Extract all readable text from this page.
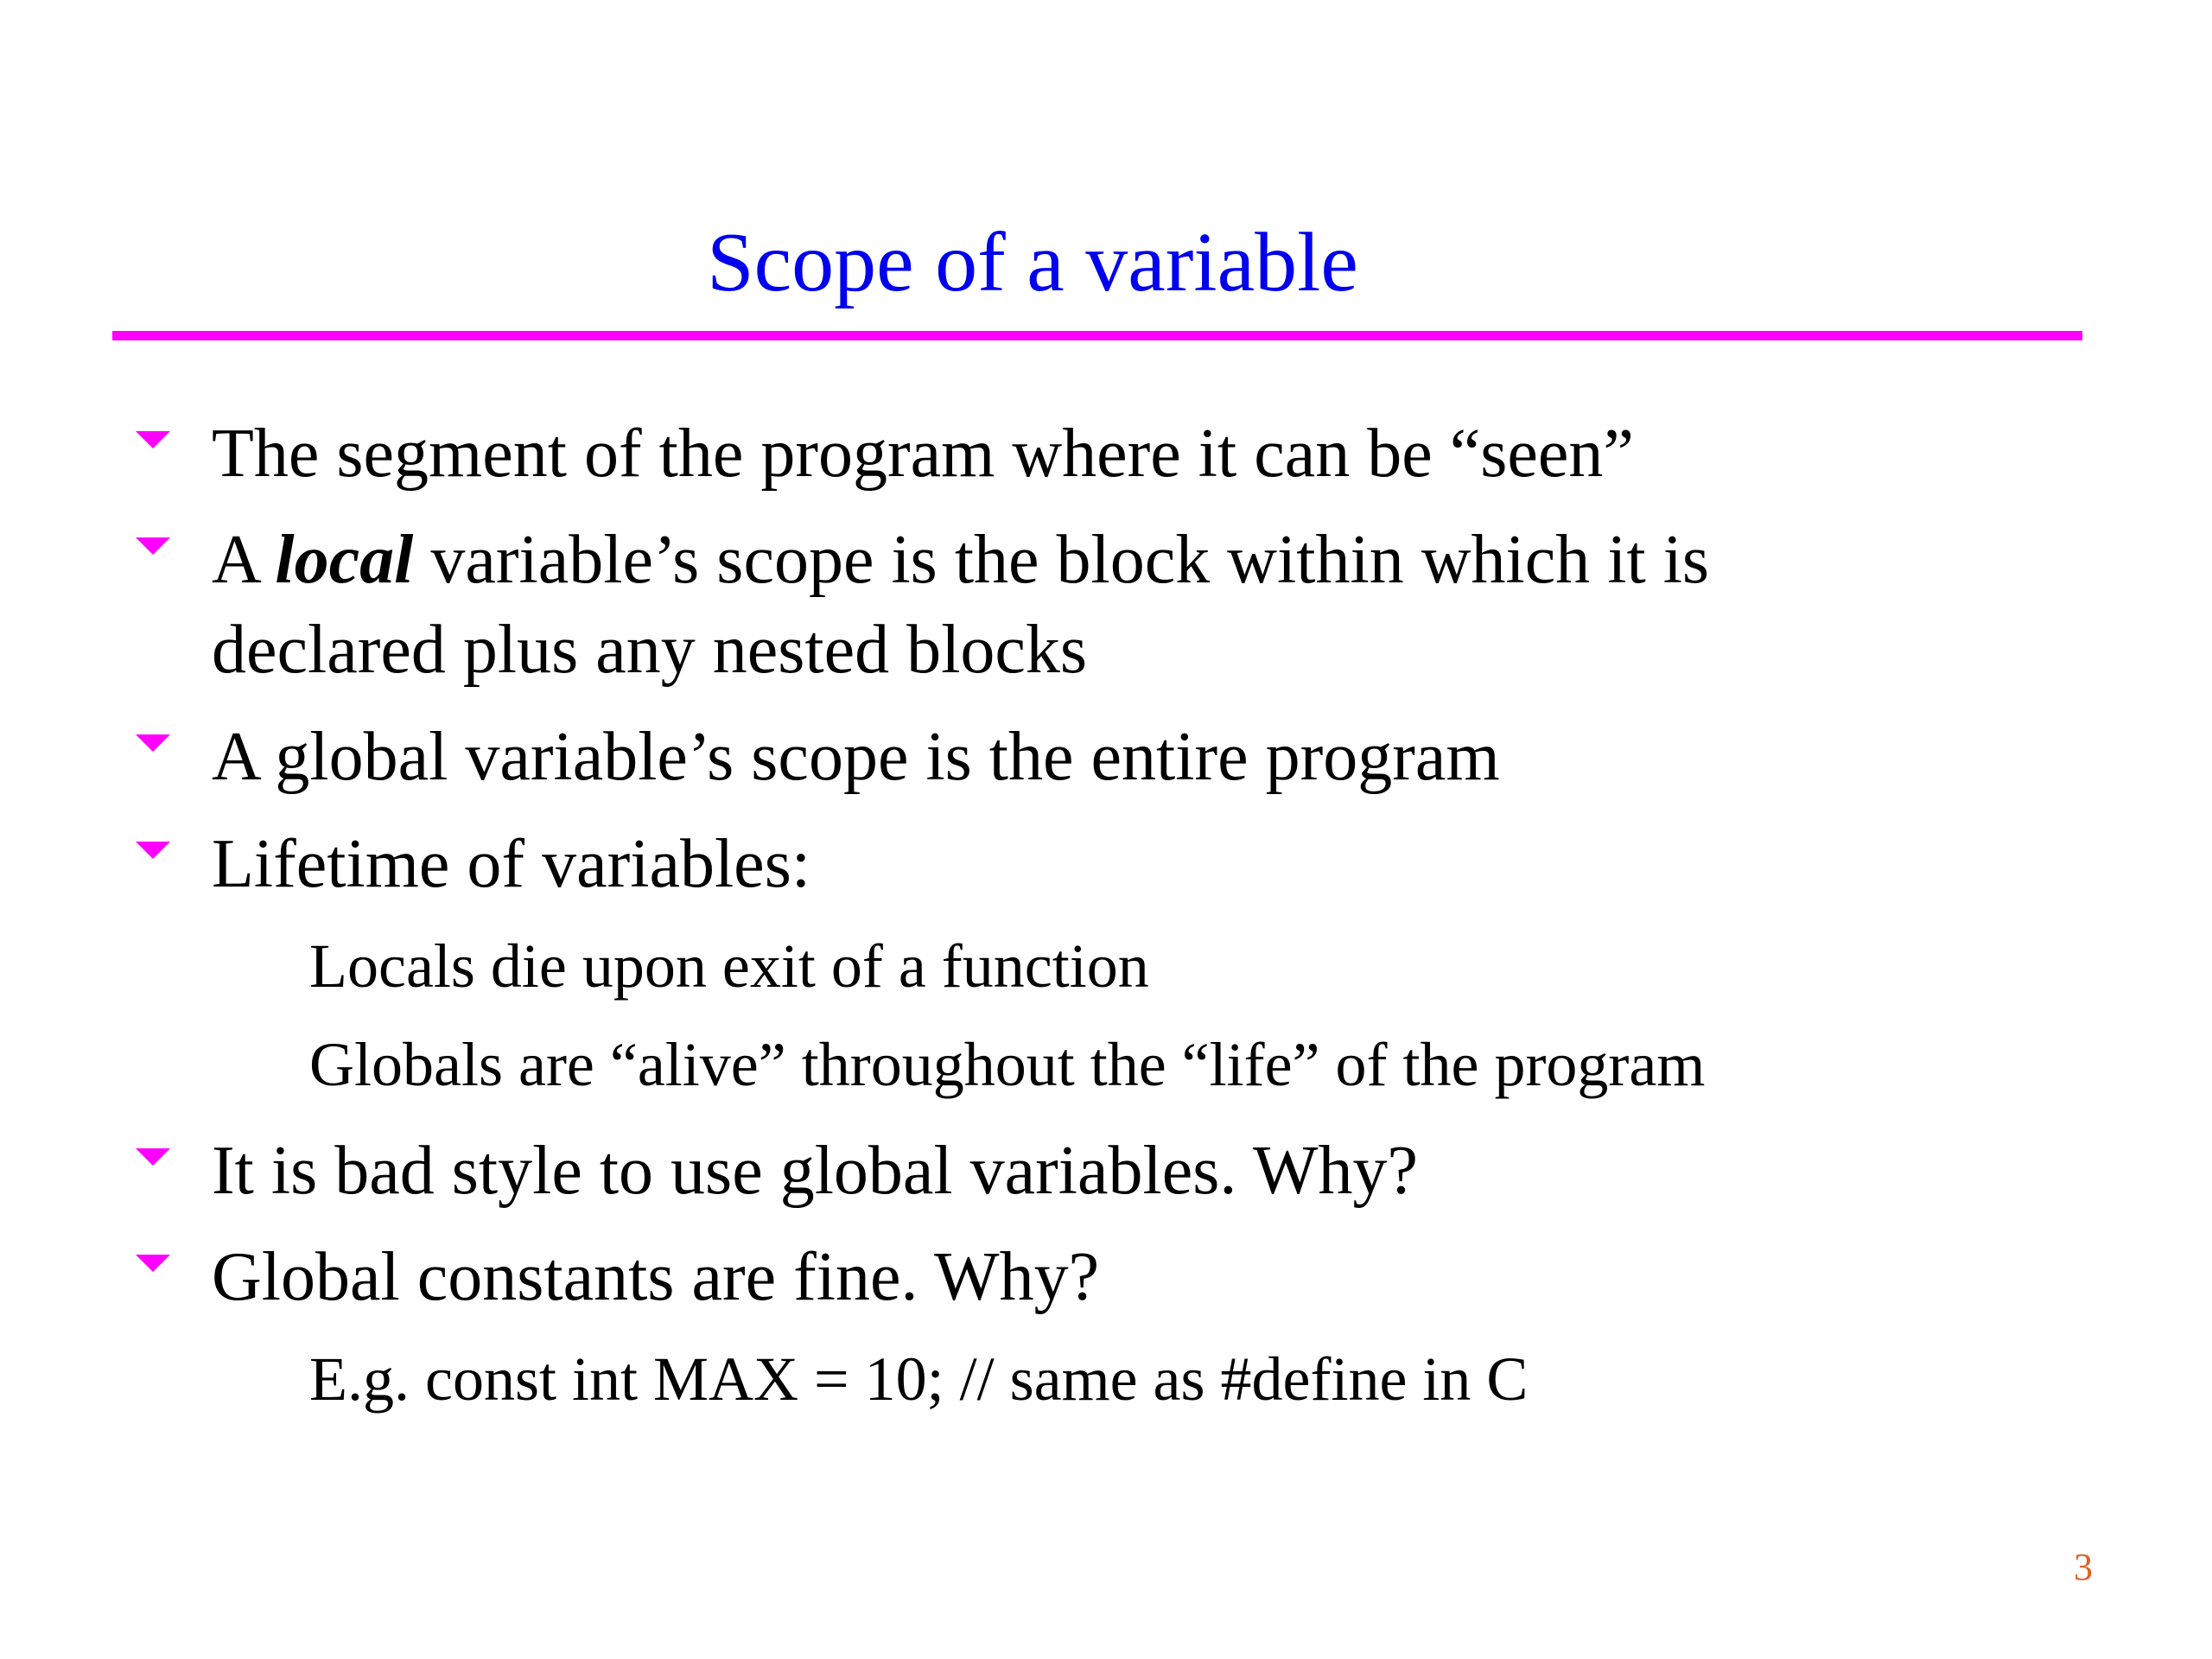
Scope of a variable
The segment of the program where it can be “seen”
A local variable’s scope is the block within which it is
declared plus any nested blocks
A global variable’s scope is the entire program
Lifetime of variables:
Locals die upon exit of a function
Globals are “alive” throughout the “life” of the program
It is bad style to use global variables. Why?
Global constants are fine. Why?
E.g. const int MAX = 10; // same as #define in C
3
